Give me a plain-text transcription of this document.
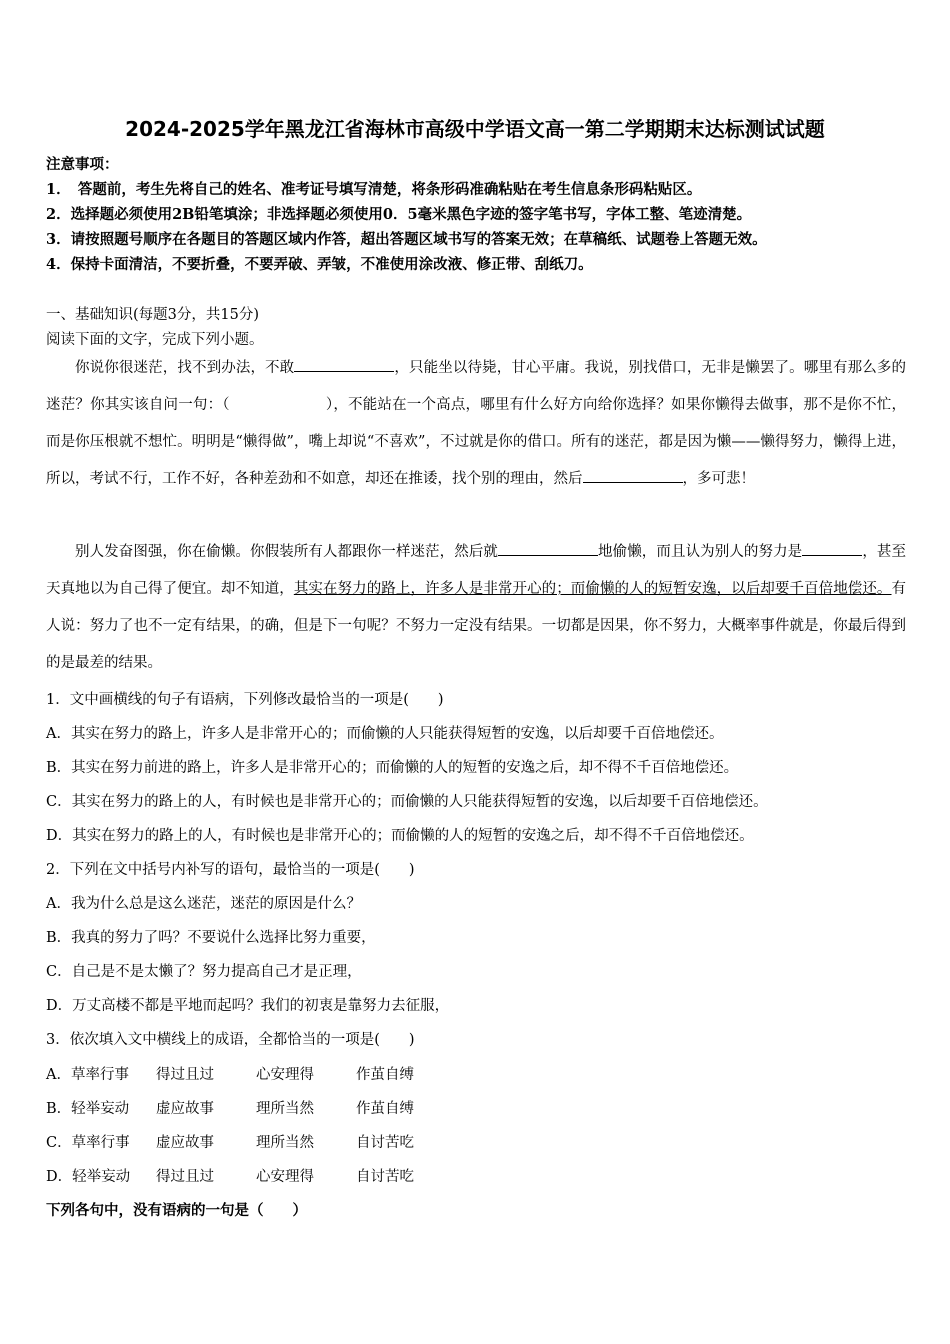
2024-2025学年黑龙江省海林市高级中学语文高一第二学期期末达标测试试题
注意事项：
1．　答题前，考生先将自己的姓名、准考证号填写清楚，将条形码准确粘贴在考生信息条形码粘贴区。
2．选择题必须使用2B铅笔填涂；非选择题必须使用0．5毫米黑色字迹的签字笔书写，字体工整、笔迹清楚。
3．请按照题号顺序在各题目的答题区域内作答，超出答题区域书写的答案无效；在草稿纸、试题卷上答题无效。
4．保持卡面清洁，不要折叠，不要弄破、弄皱，不准使用涂改液、修正带、刮纸刀。
一、基础知识(每题3分，共15分)
阅读下面的文字，完成下列小题。
你说你很迷茫，找不到办法，不敢	，只能坐以待毙，甘心平庸。我说，别找借口，无非是懒罢了。哪里有那么多的迷茫？你其实该自问一句：（	），不能站在一个高点，哪里有什么好方向给你选择？如果你懒得去做事，那不是你不忙，而是你压根就不想忙。明明是“懒得做”，嘴上却说“不喜欢”，不过就是你的借口。所有的迷茫，都是因为懒——懒得努力，懒得上进，所以，考试不行，工作不好，各种差劲和不如意，却还在推诿，找个别的理由，然后	，多可悲！
别人发奋图强，你在偷懒。你假装所有人都跟你一样迷茫，然后就	地偷懒，而且认为别人的努力是	，甚至天真地以为自己得了便宜。却不知道，其实在努力的路上，许多人是非常开心的；而偷懒的人的短暂安逸，以后却要千百倍地偿还。有人说：努力了也不一定有结果，的确，但是下一句呢？不努力一定没有结果。一切都是因果，你不努力，大概率事件就是，你最后得到的是最差的结果。
1．文中画横线的句子有语病，下列修改最恰当的一项是(　　)
A．其实在努力的路上，许多人是非常开心的；而偷懒的人只能获得短暂的安逸，以后却要千百倍地偿还。
B．其实在努力前进的路上，许多人是非常开心的；而偷懒的人的短暂的安逸之后，却不得不千百倍地偿还。
C．其实在努力的路上的人，有时候也是非常开心的；而偷懒的人只能获得短暂的安逸，以后却要千百倍地偿还。
D．其实在努力的路上的人，有时候也是非常开心的；而偷懒的人的短暂的安逸之后，却不得不千百倍地偿还。
2．下列在文中括号内补写的语句，最恰当的一项是(　　)
A．我为什么总是这么迷茫，迷茫的原因是什么？
B．我真的努力了吗？不要说什么选择比努力重要，
C．自己是不是太懒了？努力提高自己才是正理，
D．万丈高楼不都是平地而起吗？我们的初衷是靠努力去征服，
3．依次填入文中横线上的成语，全都恰当的一项是(　　)
A．草率行事 得过且过	心安理得	作茧自缚
B．轻举妄动 虚应故事	理所当然	作茧自缚
C．草率行事 虚应故事	理所当然	自讨苦吃
D．轻举妄动 得过且过	心安理得	自讨苦吃
下列各句中，没有语病的一句是（　　）
